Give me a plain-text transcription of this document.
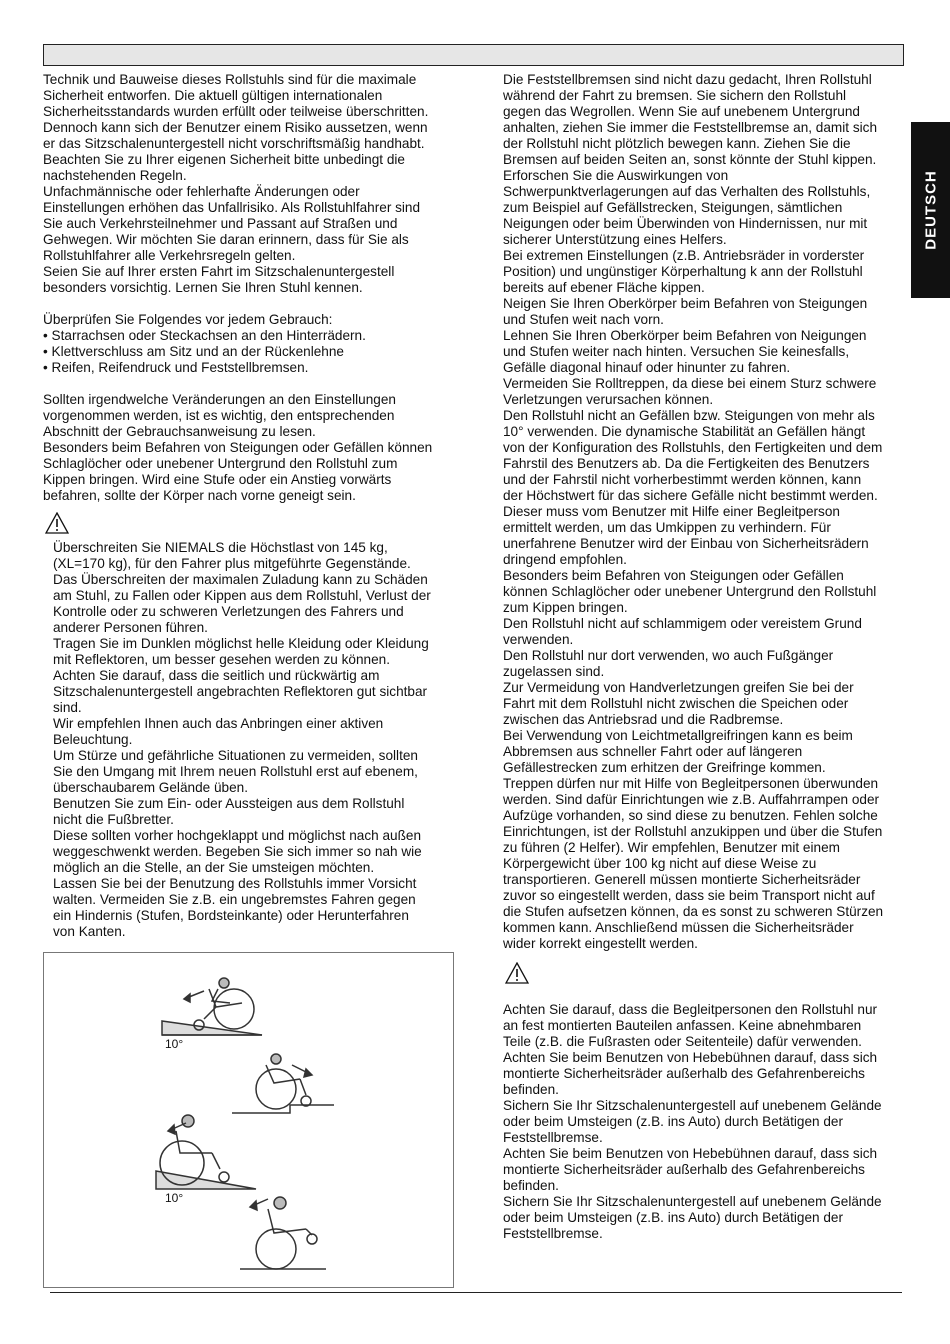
DEUTSCH

Technik und Bauweise dieses Rollstuhls sind für die maximale
Sicherheit entworfen. Die aktuell gültigen internationalen
Sicherheitsstandards wurden erfüllt oder teilweise überschritten.
Dennoch kann sich der Benutzer einem Risiko aussetzen, wenn
er das Sitzschalenuntergestell nicht vorschriftsmäßig handhabt.
Beachten Sie zu Ihrer eigenen Sicherheit bitte unbedingt die
nachstehenden Regeln.
Unfachmännische oder fehlerhafte Änderungen oder
Einstellungen erhöhen das Unfallrisiko. Als Rollstuhlfahrer sind
Sie auch Verkehrsteilnehmer und Passant auf Straßen und
Gehwegen. Wir möchten Sie daran erinnern, dass für Sie als
Rollstuhlfahrer alle Verkehrsregeln gelten.
Seien Sie auf Ihrer ersten Fahrt im Sitzschalenuntergestell
besonders vorsichtig. Lernen Sie Ihren Stuhl kennen.

Überprüfen Sie Folgendes vor jedem Gebrauch:

• Starrachsen oder Steckachsen an den Hinterrädern.

• Klettverschluss am Sitz und an der Rückenlehne

• Reifen, Reifendruck und Feststellbremsen.

Sollten irgendwelche Veränderungen an den Einstellungen
vorgenommen werden, ist es wichtig, den entsprechenden
Abschnitt der Gebrauchsanweisung zu lesen.
Besonders beim Befahren von Steigungen oder Gefällen können
Schlaglöcher oder unebener Untergrund den Rollstuhl zum
Kippen bringen. Wird eine Stufe oder ein Anstieg vorwärts
befahren, sollte der Körper nach vorne geneigt sein.

Überschreiten Sie NIEMALS die Höchstlast von 145 kg,
(XL=170 kg), für den Fahrer plus mitgeführte Gegenstände.
Das Überschreiten der maximalen Zuladung kann zu Schäden
am Stuhl, zu Fallen oder Kippen aus dem Rollstuhl, Verlust der
Kontrolle oder zu schweren Verletzungen des Fahrers und
anderer Personen führen.
Tragen Sie im Dunklen möglichst helle Kleidung oder Kleidung
mit Reflektoren, um besser gesehen werden zu können.
Achten Sie darauf, dass die seitlich und rückwärtig am
Sitzschalenuntergestell angebrachten Reflektoren gut sichtbar
sind.
Wir empfehlen Ihnen auch das Anbringen einer aktiven
Beleuchtung.
Um Stürze und gefährliche Situationen zu vermeiden, sollten
Sie den Umgang mit Ihrem neuen Rollstuhl erst auf ebenem,
überschaubarem Gelände üben.
Benutzen Sie zum Ein- oder Aussteigen aus dem Rollstuhl
nicht die Fußbretter.
Diese sollten vorher hochgeklappt und möglichst nach außen
weggeschwenkt werden. Begeben Sie sich immer so nah wie
möglich an die Stelle, an der Sie umsteigen möchten.
Lassen Sie bei der Benutzung des Rollstuhls immer Vorsicht
walten. Vermeiden Sie z.B. ein ungebremstes Fahren gegen
ein Hindernis (Stufen, Bordsteinkante) oder Herunterfahren
von Kanten.

Die Feststellbremsen sind nicht dazu gedacht, Ihren Rollstuhl
während der Fahrt zu bremsen. Sie sichern den Rollstuhl
gegen das Wegrollen. Wenn Sie auf unebenem Untergrund
anhalten, ziehen Sie immer die Feststellbremse an, damit sich
der Rollstuhl nicht plötzlich bewegen kann. Ziehen Sie die
Bremsen auf beiden Seiten an, sonst könnte der Stuhl kippen.
Erforschen Sie die Auswirkungen von
Schwerpunktverlagerungen auf das Verhalten des Rollstuhls,
zum Beispiel auf Gefällstrecken, Steigungen, sämtlichen
Neigungen oder beim Überwinden von Hindernissen, nur mit
sicherer Unterstützung eines Helfers.
Bei extremen Einstellungen (z.B. Antriebsräder in vorderster
Position) und ungünstiger Körperhaltung k ann der Rollstuhl
bereits auf ebener Fläche kippen.
Neigen Sie Ihren Oberkörper beim Befahren von Steigungen
und Stufen weit nach vorn.
Lehnen Sie Ihren Oberkörper beim Befahren von Neigungen
und Stufen weiter nach hinten. Versuchen Sie keinesfalls,
Gefälle diagonal hinauf oder hinunter zu fahren.
Vermeiden Sie Rolltreppen, da diese bei einem Sturz schwere
Verletzungen verursachen können.
Den Rollstuhl nicht an Gefällen bzw. Steigungen von mehr als
10° verwenden. Die dynamische Stabilität an Gefällen hängt
von der Konfiguration des Rollstuhls, den Fertigkeiten und dem
Fahrstil des Benutzers ab. Da die Fertigkeiten des Benutzers
und der Fahrstil nicht vorherbestimmt werden können, kann
der Höchstwert für das sichere Gefälle nicht bestimmt werden.
Dieser muss vom Benutzer mit Hilfe einer Begleitperson
ermittelt werden, um das Umkippen zu verhindern. Für
unerfahrene Benutzer wird der Einbau von Sicherheitsrädern
dringend empfohlen.
Besonders beim Befahren von Steigungen oder Gefällen
können Schlaglöcher oder unebener Untergrund den Rollstuhl
zum Kippen bringen.
Den Rollstuhl nicht auf schlammigem oder vereistem Grund
verwenden.
Den Rollstuhl nur dort verwenden, wo auch Fußgänger
zugelassen sind.
Zur Vermeidung von Handverletzungen greifen Sie bei der
Fahrt mit dem Rollstuhl nicht zwischen die Speichen oder
zwischen das Antriebsrad und die Radbremse.
Bei Verwendung von Leichtmetallgreifringen kann es beim
Abbremsen aus schneller Fahrt oder auf längeren
Gefällestrecken zum erhitzen der Greifringe kommen.
Treppen dürfen nur mit Hilfe von Begleitpersonen überwunden
werden. Sind dafür Einrichtungen wie z.B. Auffahrrampen oder
Aufzüge vorhanden, so sind diese zu benutzen. Fehlen solche
Einrichtungen, ist der Rollstuhl anzukippen und über die Stufen
zu führen (2 Helfer). Wir empfehlen, Benutzer mit einem
Körpergewicht über 100 kg nicht auf diese Weise zu
transportieren. Generell müssen montierte Sicherheitsräder
zuvor so eingestellt werden, dass sie beim Transport nicht auf
die Stufen aufsetzen können, da es sonst zu schweren Stürzen
kommen kann. Anschließend müssen die Sicherheitsräder
wider korrekt eingestellt werden.

Achten Sie darauf, dass die Begleitpersonen den Rollstuhl nur
an fest montierten Bauteilen anfassen. Keine abnehmbaren
Teile (z.B. die Fußrasten oder Seitenteile) dafür verwenden.
Achten Sie beim Benutzen von Hebebühnen darauf, dass sich
montierte Sicherheitsräder außerhalb des Gefahrenbereichs
befinden.
Sichern Sie Ihr Sitzschalenuntergestell auf unebenem Gelände
oder beim Umsteigen (z.B. ins Auto) durch Betätigen der
Feststellbremse.
Achten Sie beim Benutzen von Hebebühnen darauf, dass sich
montierte Sicherheitsräder außerhalb des Gefahrenbereichs
befinden.
Sichern Sie Ihr Sitzschalenuntergestell auf unebenem Gelände
oder beim Umsteigen (z.B. ins Auto) durch Betätigen der
Feststellbremse.

10°
10°
